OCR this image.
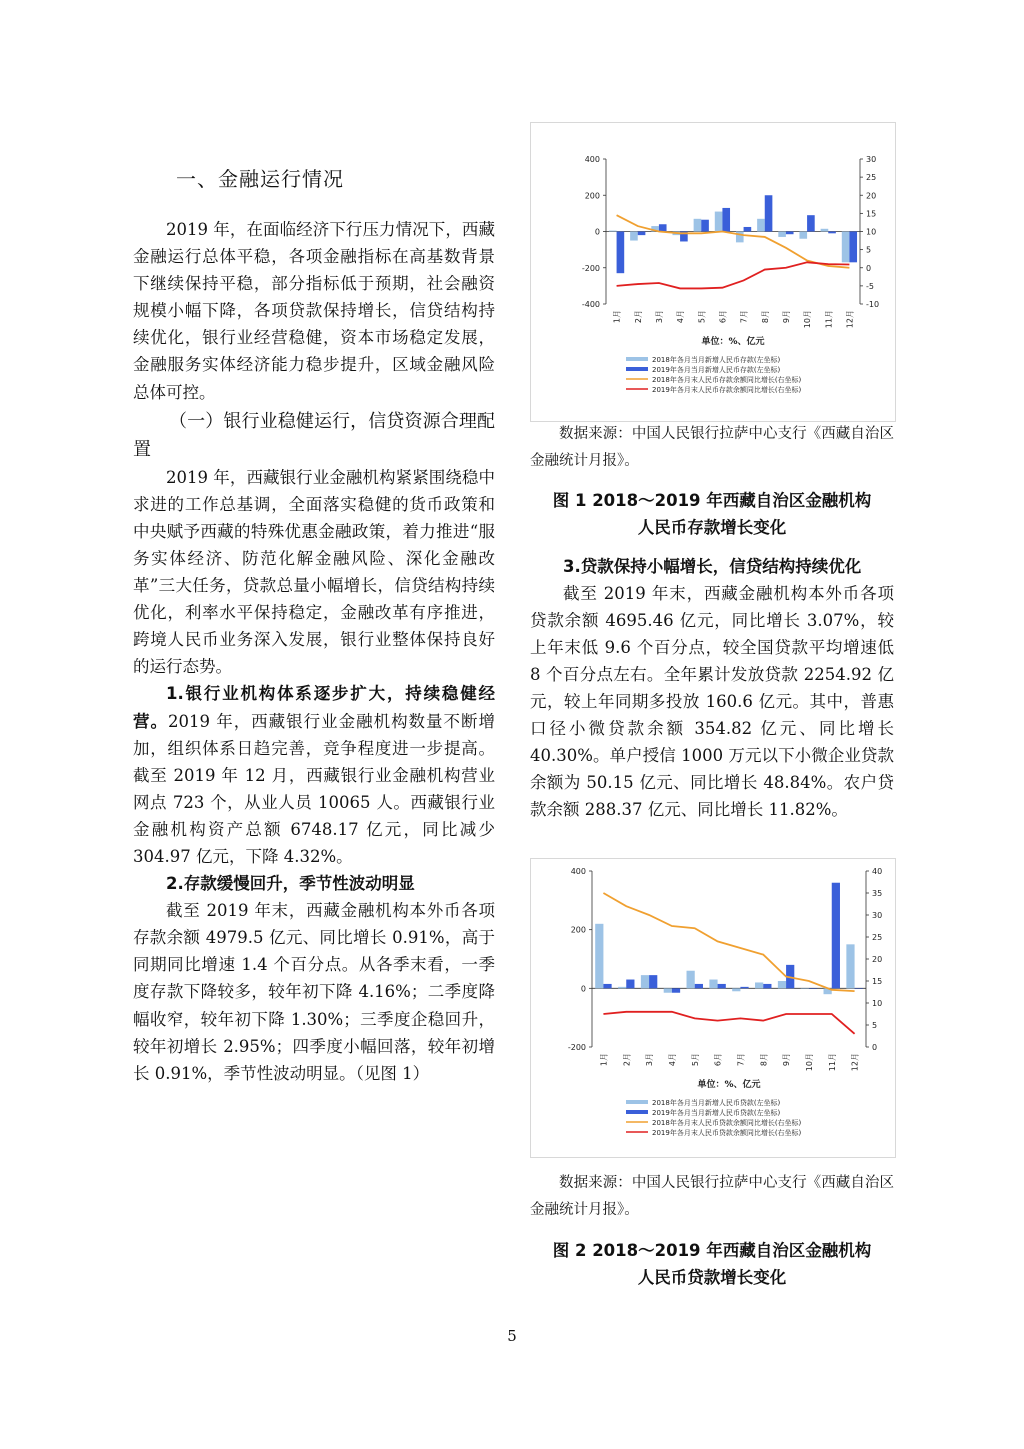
一、金融运行情况

2019 年，在面临经济下行压力情况下，西藏金融运行总体平稳，各项金融指标在高基数背景下继续保持平稳，部分指标低于预期，社会融资规模小幅下降，各项贷款保持增长，信贷结构持续优化，银行业经营稳健，资本市场稳定发展，金融服务实体经济能力稳步提升，区域金融风险总体可控。

（一）银行业稳健运行，信贷资源合理配置

2019 年，西藏银行业金融机构紧紧围绕稳中求进的工作总基调，全面落实稳健的货币政策和中央赋予西藏的特殊优惠金融政策，着力推进“服务实体经济、防范化解金融风险、深化金融改革”三大任务，贷款总量小幅增长，信贷结构持续优化，利率水平保持稳定，金融改革有序推进，跨境人民币业务深入发展，银行业整体保持良好的运行态势。

1.银行业机构体系逐步扩大，持续稳健经营。2019 年，西藏银行业金融机构数量不断增加，组织体系日趋完善，竞争程度进一步提高。截至 2019 年 12 月，西藏银行业金融机构营业网点 723 个，从业人员 10065 人。西藏银行业金融机构资产总额 6748.17 亿元，同比减少 304.97 亿元，下降 4.32%。

2.存款缓慢回升，季节性波动明显

截至 2019 年末，西藏金融机构本外币各项存款余额 4979.5 亿元、同比增长 0.91%，高于同期同比增速 1.4 个百分点。从各季末看，一季度存款下降较多，较年初下降 4.16%；二季度降幅收窄，较年初下降 1.30%；三季度企稳回升，较年初增长 2.95%；四季度小幅回落，较年初增长 0.91%，季节性波动明显。（见图 1）

-400
-200
0
200
400
-10
-5
0
5
10
15
20
25
30
1月 2月 3月 4月 5月 6月 7月 8月 9月 10月 11月 12月
单位：%、亿元
2018年各月当月新增人民币存款(左坐标)
2019年各月当月新增人民币存款(左坐标)
2018年各月末人民币存款余额同比增长(右坐标)
2019年各月末人民币存款余额同比增长(右坐标)

数据来源：中国人民银行拉萨中心支行《西藏自治区金融统计月报》。

图 1 2018～2019 年西藏自治区金融机构

人民币存款增长变化

3.贷款保持小幅增长，信贷结构持续优化

截至 2019 年末，西藏金融机构本外币各项贷款余额 4695.46 亿元，同比增长 3.07%，较上年末低 9.6 个百分点，较全国贷款平均增速低 8 个百分点左右。全年累计发放贷款 2254.92 亿元，较上年同期多投放 160.6 亿元。其中，普惠口径小微贷款余额 354.82 亿元、同比增长 40.30%。单户授信 1000 万元以下小微企业贷款余额为 50.15 亿元、同比增长 48.84%。农户贷款余额 288.37 亿元、同比增长 11.82%。

-200
0
200
400
0
5
10
15
20
25
30
35
40
1月 2月 3月 4月 5月 6月 7月 8月 9月 10月 11月 12月
单位：%、亿元
2018年各月当月新增人民币贷款(左坐标)
2019年各月当月新增人民币贷款(左坐标)
2018年各月末人民币贷款余额同比增长(右坐标)
2019年各月末人民币贷款余额同比增长(右坐标)

数据来源：中国人民银行拉萨中心支行《西藏自治区金融统计月报》。

图 2 2018～2019 年西藏自治区金融机构

人民币贷款增长变化

5
